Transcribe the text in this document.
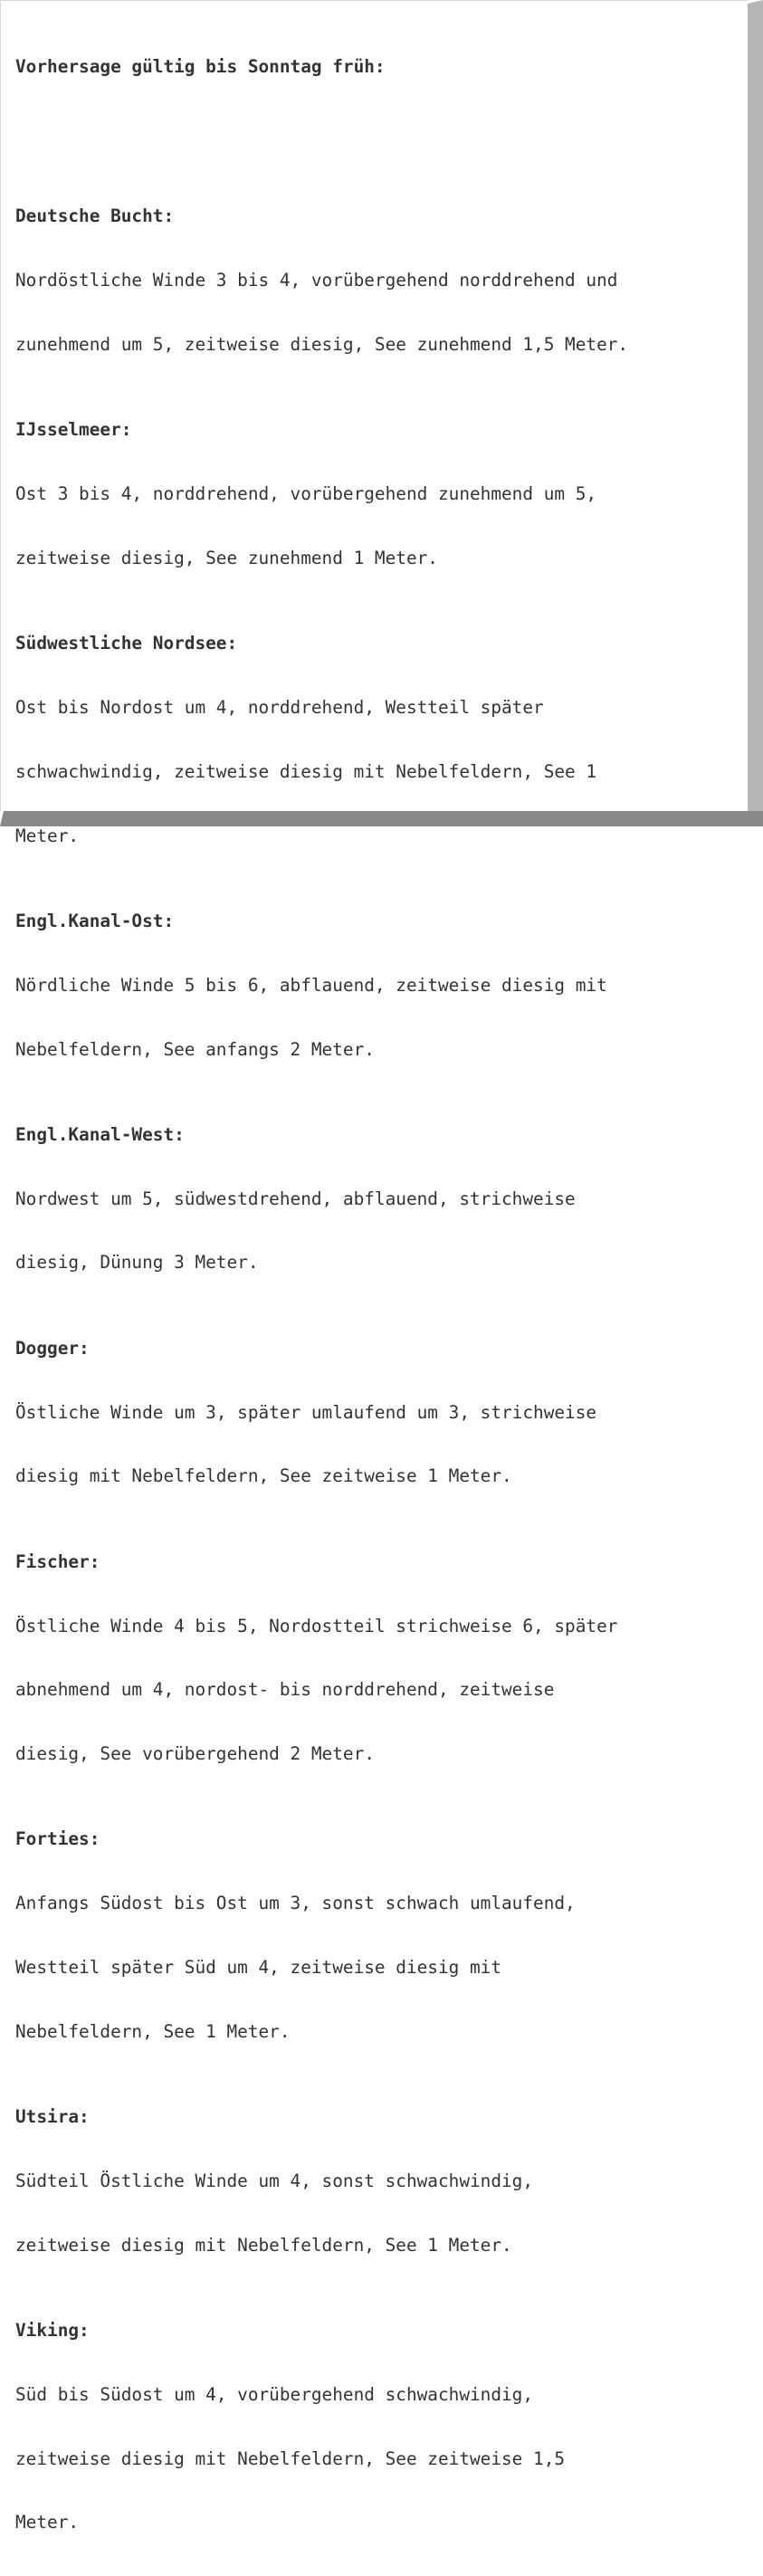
Vorhersage gültig bis Sonntag früh:

Deutsche Bucht:

Nordöstliche Winde 3 bis 4, vorübergehend norddrehend und

zunehmend um 5, zeitweise diesig, See zunehmend 1,5 Meter.

IJsselmeer:

Ost 3 bis 4, norddrehend, vorübergehend zunehmend um 5,

zeitweise diesig, See zunehmend 1 Meter.

Südwestliche Nordsee:

Ost bis Nordost um 4, norddrehend, Westteil später

schwachwindig, zeitweise diesig mit Nebelfeldern, See 1

Meter.

Engl.Kanal-Ost:

Nördliche Winde 5 bis 6, abflauend, zeitweise diesig mit

Nebelfeldern, See anfangs 2 Meter.

Engl.Kanal-West:

Nordwest um 5, südwestdrehend, abflauend, strichweise

diesig, Dünung 3 Meter.

Dogger:

Östliche Winde um 3, später umlaufend um 3, strichweise

diesig mit Nebelfeldern, See zeitweise 1 Meter.

Fischer:

Östliche Winde 4 bis 5, Nordostteil strichweise 6, später

abnehmend um 4, nordost- bis norddrehend, zeitweise

diesig, See vorübergehend 2 Meter.

Forties:

Anfangs Südost bis Ost um 3, sonst schwach umlaufend,

Westteil später Süd um 4, zeitweise diesig mit

Nebelfeldern, See 1 Meter.

Utsira:

Südteil Östliche Winde um 4, sonst schwachwindig,

zeitweise diesig mit Nebelfeldern, See 1 Meter.

Viking:

Süd bis Südost um 4, vorübergehend schwachwindig,

zeitweise diesig mit Nebelfeldern, See zeitweise 1,5

Meter.
